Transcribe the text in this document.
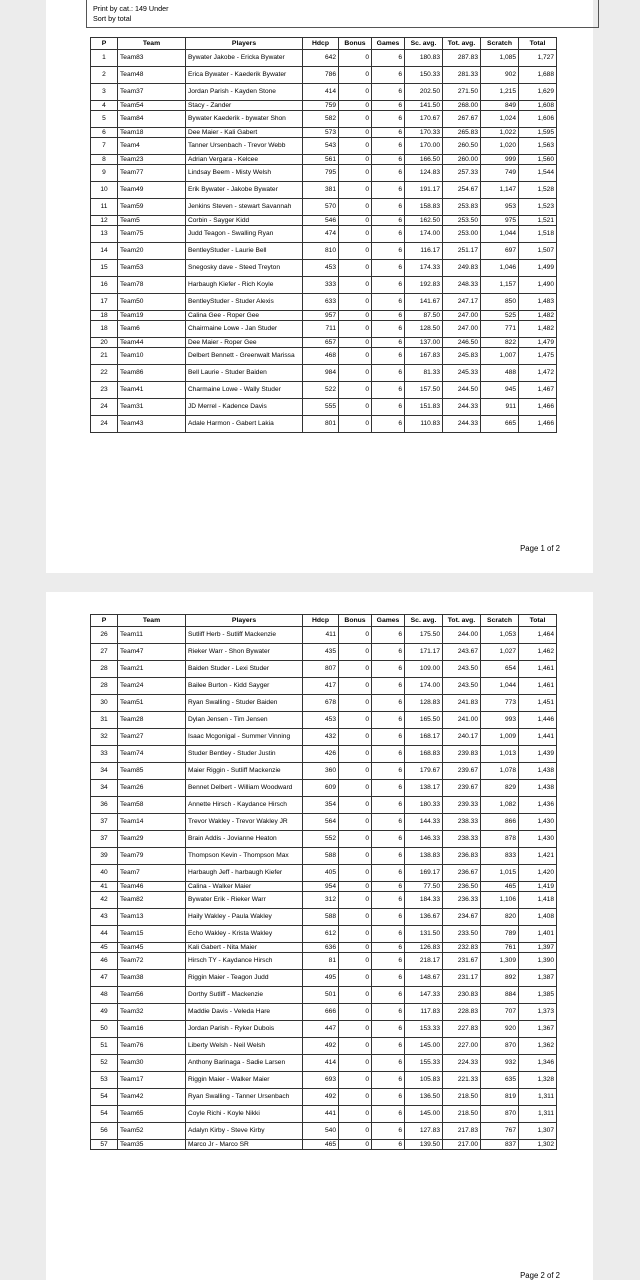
Print by cat.: 149 Under
Sort by total
P	Team	Players	Hdcp	Bonus	Games	Sc. avg.	Tot. avg.	Scratch	Total
1	Team83	Bywater Jakobe - Ericka Bywater	642	0	6	180.83	287.83	1,085	1,727
2	Team48	Erica Bywater - Kaederik Bywater	786	0	6	150.33	281.33	902	1,688
3	Team37	Jordan Parish - Kayden Stone	414	0	6	202.50	271.50	1,215	1,629
4	Team54	Stacy - Zander	759	0	6	141.50	268.00	849	1,608
5	Team84	Bywater Kaederik - bywater Shon	582	0	6	170.67	267.67	1,024	1,606
6	Team18	Dee Maier - Kali Gabert	573	0	6	170.33	265.83	1,022	1,595
7	Team4	Tanner Ursenbach - Trevor Webb	543	0	6	170.00	260.50	1,020	1,563
8	Team23	Adrian Vergara - Kelcee	561	0	6	166.50	260.00	999	1,560
9	Team77	Lindsay Beem - Misty Welsh	795	0	6	124.83	257.33	749	1,544
10	Team49	Erik Bywater - Jakobe Bywater	381	0	6	191.17	254.67	1,147	1,528
11	Team59	Jenkins Steven - stewart Savannah	570	0	6	158.83	253.83	953	1,523
12	Team5	Corbin - Sayger Kidd	546	0	6	162.50	253.50	975	1,521
13	Team75	Judd Teagon - Swalling Ryan	474	0	6	174.00	253.00	1,044	1,518
14	Team20	BentleyStuder - Laurie Bell	810	0	6	116.17	251.17	697	1,507
15	Team53	Snegosky dave - Steed Treyton	453	0	6	174.33	249.83	1,046	1,499
16	Team78	Harbaugh Kiefer - Rich Koyle	333	0	6	192.83	248.33	1,157	1,490
17	Team50	BentleyStuder - Studer Alexis	633	0	6	141.67	247.17	850	1,483
18	Team19	Calina Gee - Roper Gee	957	0	6	87.50	247.00	525	1,482
18	Team6	Chairmaine Lowe - Jan Studer	711	0	6	128.50	247.00	771	1,482
20	Team44	Dee Maier - Roper Gee	657	0	6	137.00	246.50	822	1,479
21	Team10	Delbert Bennett - Greenwalt Marissa	468	0	6	167.83	245.83	1,007	1,475
22	Team86	Bell Laurie - Studer Baiden	984	0	6	81.33	245.33	488	1,472
23	Team41	Charmaine Lowe - Wally Studer	522	0	6	157.50	244.50	945	1,467
24	Team31	JD Merrel - Kadence Davis	555	0	6	151.83	244.33	911	1,466
24	Team43	Adale Harmon - Gabert Lakia	801	0	6	110.83	244.33	665	1,466
Page 1 of 2
P	Team	Players	Hdcp	Bonus	Games	Sc. avg.	Tot. avg.	Scratch	Total
26	Team11	Sutliff Herb - Sutliff Mackenzie	411	0	6	175.50	244.00	1,053	1,464
27	Team47	Rieker Warr - Shon Bywater	435	0	6	171.17	243.67	1,027	1,462
28	Team21	Baiden Studer - Lexi Studer	807	0	6	109.00	243.50	654	1,461
28	Team24	Bailee Burton - Kidd Sayger	417	0	6	174.00	243.50	1,044	1,461
30	Team51	Ryan Swalling - Studer Baiden	678	0	6	128.83	241.83	773	1,451
31	Team28	Dylan Jensen - Tim Jensen	453	0	6	165.50	241.00	993	1,446
32	Team27	Isaac Mcgonigal - Summer Vinning	432	0	6	168.17	240.17	1,009	1,441
33	Team74	Studer Bentley - Studer Justin	426	0	6	168.83	239.83	1,013	1,439
34	Team85	Maier Riggin - Sutliff Mackenzie	360	0	6	179.67	239.67	1,078	1,438
34	Team26	Bennet Delbert - William Woodward	609	0	6	138.17	239.67	829	1,438
36	Team58	Annette Hirsch - Kaydance Hirsch	354	0	6	180.33	239.33	1,082	1,436
37	Team14	Trevor Wakley - Trevor Wakley JR	564	0	6	144.33	238.33	866	1,430
37	Team29	Brain Addis - Jovianne Heaton	552	0	6	146.33	238.33	878	1,430
39	Team79	Thompson Kevin - Thompson Max	588	0	6	138.83	236.83	833	1,421
40	Team7	Harbaugh Jeff - harbaugh Kiefer	405	0	6	169.17	236.67	1,015	1,420
41	Team46	Calina - Walker Maier	954	0	6	77.50	236.50	465	1,419
42	Team82	Bywater Erik - Rieker Warr	312	0	6	184.33	236.33	1,106	1,418
43	Team13	Haily Wakley - Paula Wakley	588	0	6	136.67	234.67	820	1,408
44	Team15	Echo Wakley - Krista Wakley	612	0	6	131.50	233.50	789	1,401
45	Team45	Kali Gabert - Nita Maier	636	0	6	126.83	232.83	761	1,397
46	Team72	Hirsch TY - Kaydance Hirsch	81	0	6	218.17	231.67	1,309	1,390
47	Team38	Riggin Maier - Teagon Judd	495	0	6	148.67	231.17	892	1,387
48	Team56	Dorthy Sutliff - Mackenzie	501	0	6	147.33	230.83	884	1,385
49	Team32	Maddie Davis - Veleda Hare	666	0	6	117.83	228.83	707	1,373
50	Team16	Jordan Parish - Ryker Dubois	447	0	6	153.33	227.83	920	1,367
51	Team76	Liberty Welsh - Neil Welsh	492	0	6	145.00	227.00	870	1,362
52	Team30	Anthony Barinaga - Sadie Larsen	414	0	6	155.33	224.33	932	1,346
53	Team17	Riggin Maier - Walker Maier	693	0	6	105.83	221.33	635	1,328
54	Team42	Ryan Swalling - Tanner Ursenbach	492	0	6	136.50	218.50	819	1,311
54	Team65	Coyle Richi - Koyle Nikki	441	0	6	145.00	218.50	870	1,311
56	Team52	Adalyn Kirby - Steve Kirby	540	0	6	127.83	217.83	767	1,307
57	Team35	Marco Jr - Marco SR	465	0	6	139.50	217.00	837	1,302
Page 2 of 2
